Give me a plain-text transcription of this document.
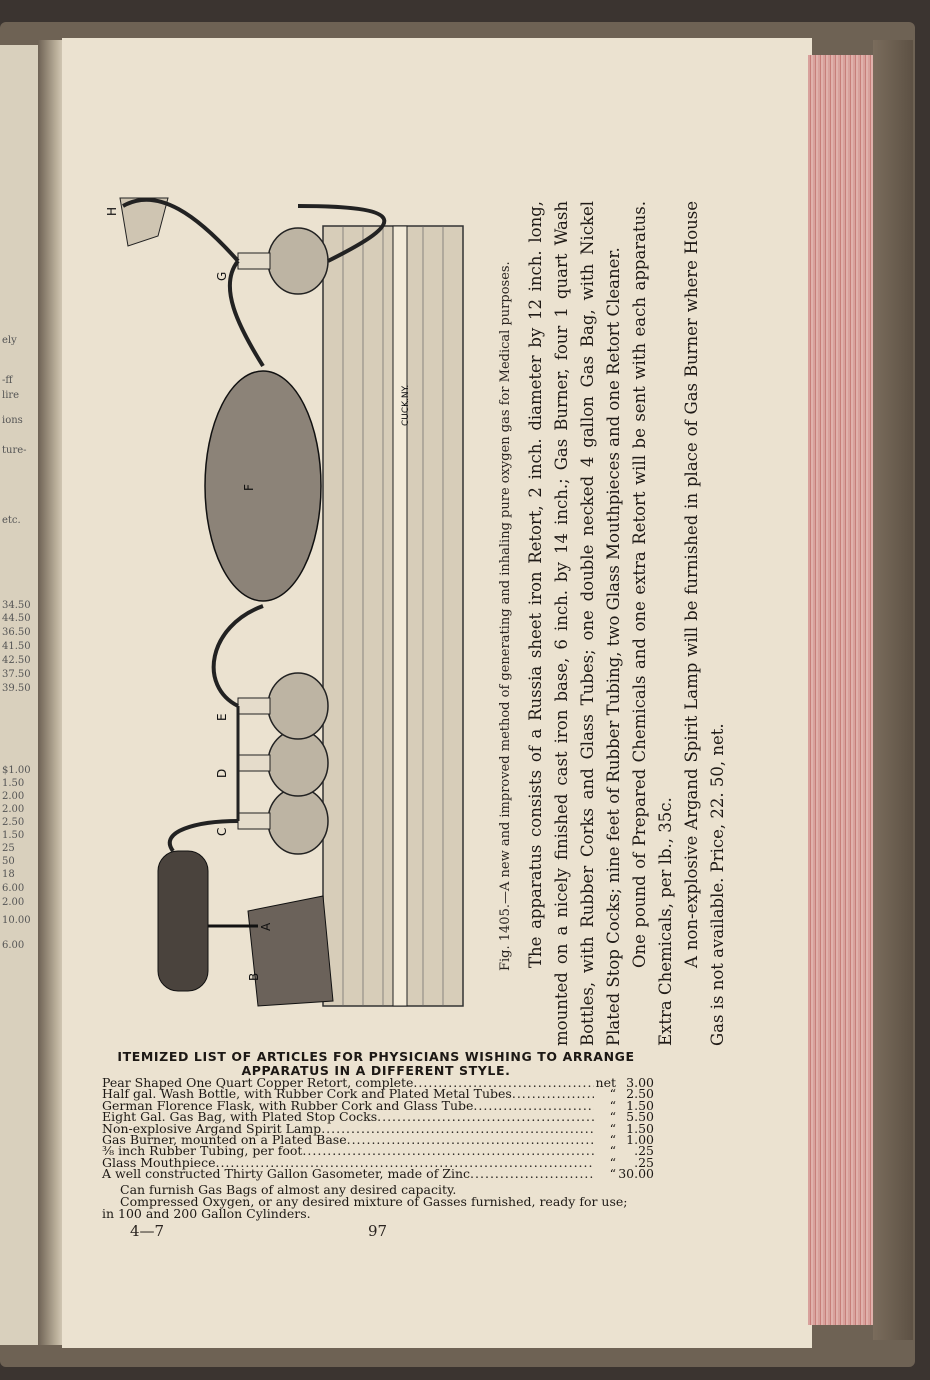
ely
-ff
lire
ions
ture-
etc.
34.50
44.50
36.50
41.50
42.50
37.50
39.50
$1.00
1.50
2.00
2.00
2.50
1.50
25
50
18
6.00
2.00
10.00
6.00
B
A
C
D
E
F
G
H
CUCK.NY.	Fig. 1405.—A new and improved method of generating and inhaling pure oxygen gas for Medical purposes. The apparatus consists of a Russia sheet iron Retort, 2 inch. diameter by 12 inch. long, mounted on a nicely finished cast iron base, 6 inch. by 14 inch.; Gas Burner, four 1 quart Wash Bottles, with Rubber Corks and Glass Tubes; one double necked 4 gallon Gas Bag, with Nickel Plated Stop Cocks; nine feet of Rubber Tubing, two Glass Mouthpieces and one Retort Cleaner. One pound of Prepared Chemicals and one extra Retort will be sent with each apparatus. Extra Chemicals, per lb., 35c. A non-explosive Argand Spirit Lamp will be furnished in place of Gas Burner where House Gas is not available. Price, 22. 50, net.

ITEMIZED LIST OF ARTICLES FOR PHYSICIANS WISHING TO ARRANGE
APPARATUS IN A DIFFERENT STYLE.
Pear Shaped One Quart Copper Retort, complete .....	net 3.00
Half gal. Wash Bottle, with Rubber Cork and Plated Metal Tubes .....	“ 2.50
German Florence Flask, with Rubber Cork and Glass Tube .....	“ 1.50
Eight Gal. Gas Bag, with Plated Stop Cocks .....	“ 5.50
Non-explosive Argand Spirit Lamp .....	“ 1.50
Gas Burner, mounted on a Plated Base .....	“ 1.00
⅜ inch Rubber Tubing, per foot .....	“	.25
Glass Mouthpiece .....	“	.25
A well constructed Thirty Gallon Gasometer, made of Zinc .....	“ 30.00
Can furnish Gas Bags of almost any desired capacity.
Compressed Oxygen, or any desired mixture of Gasses furnished, ready for use;
in 100 and 200 Gallon Cylinders.
4—7	97
